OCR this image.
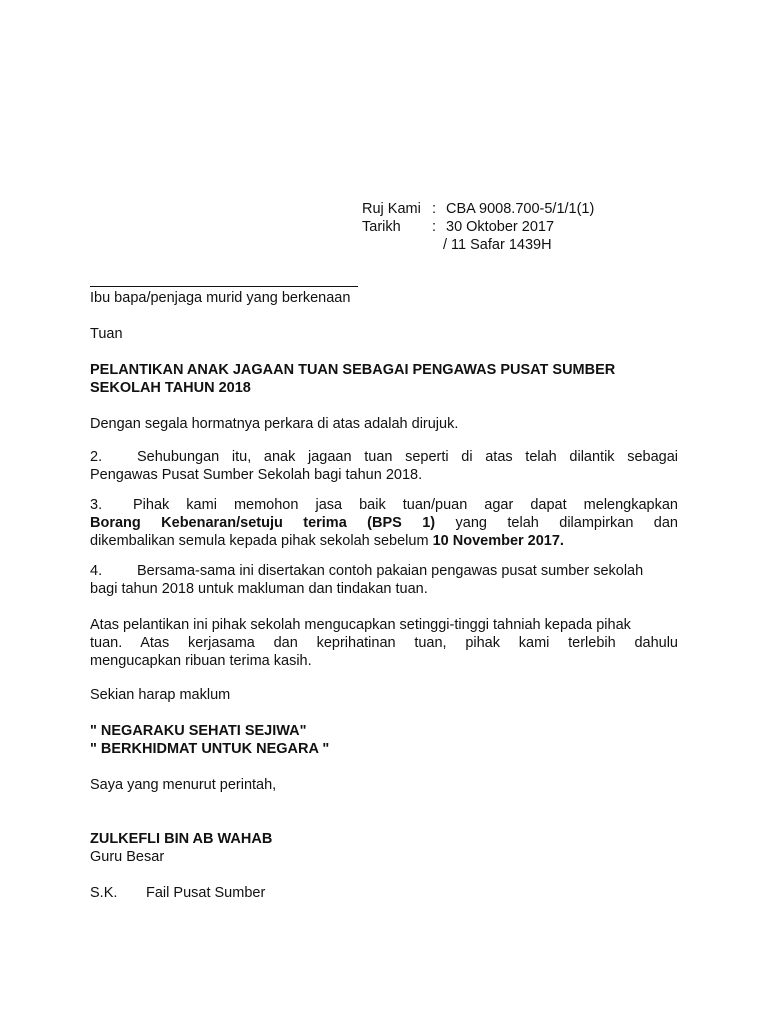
Ruj Kami : CBA 9008.700-5/1/1(1)
Tarikh : 30 Oktober 2017
/ 11 Safar 1439H
Ibu bapa/penjaga murid yang berkenaan
Tuan
PELANTIKAN ANAK JAGAAN TUAN SEBAGAI PENGAWAS PUSAT SUMBER
SEKOLAH TAHUN 2018
Dengan segala hormatnya perkara di atas adalah dirujuk.
2. Sehubungan itu, anak jagaan tuan seperti di atas telah dilantik sebagai
Pengawas Pusat Sumber Sekolah bagi tahun 2018.
3. Pihak kami memohon jasa baik tuan/puan agar dapat melengkapkan
Borang Kebenaran/setuju terima (BPS 1) yang telah dilampirkan dan
dikembalikan semula kepada pihak sekolah sebelum 10 November 2017.
4. Bersama-sama ini disertakan contoh pakaian pengawas pusat sumber sekolah
bagi tahun 2018 untuk makluman dan tindakan tuan.
Atas pelantikan ini pihak sekolah mengucapkan setinggi-tinggi tahniah kepada pihak
tuan. Atas kerjasama dan keprihatinan tuan, pihak kami terlebih dahulu
mengucapkan ribuan terima kasih.
Sekian harap maklum
" NEGARAKU SEHATI SEJIWA"
" BERKHIDMAT UNTUK NEGARA "
Saya yang menurut perintah,
ZULKEFLI BIN AB WAHAB
Guru Besar
S.K. Fail Pusat Sumber
